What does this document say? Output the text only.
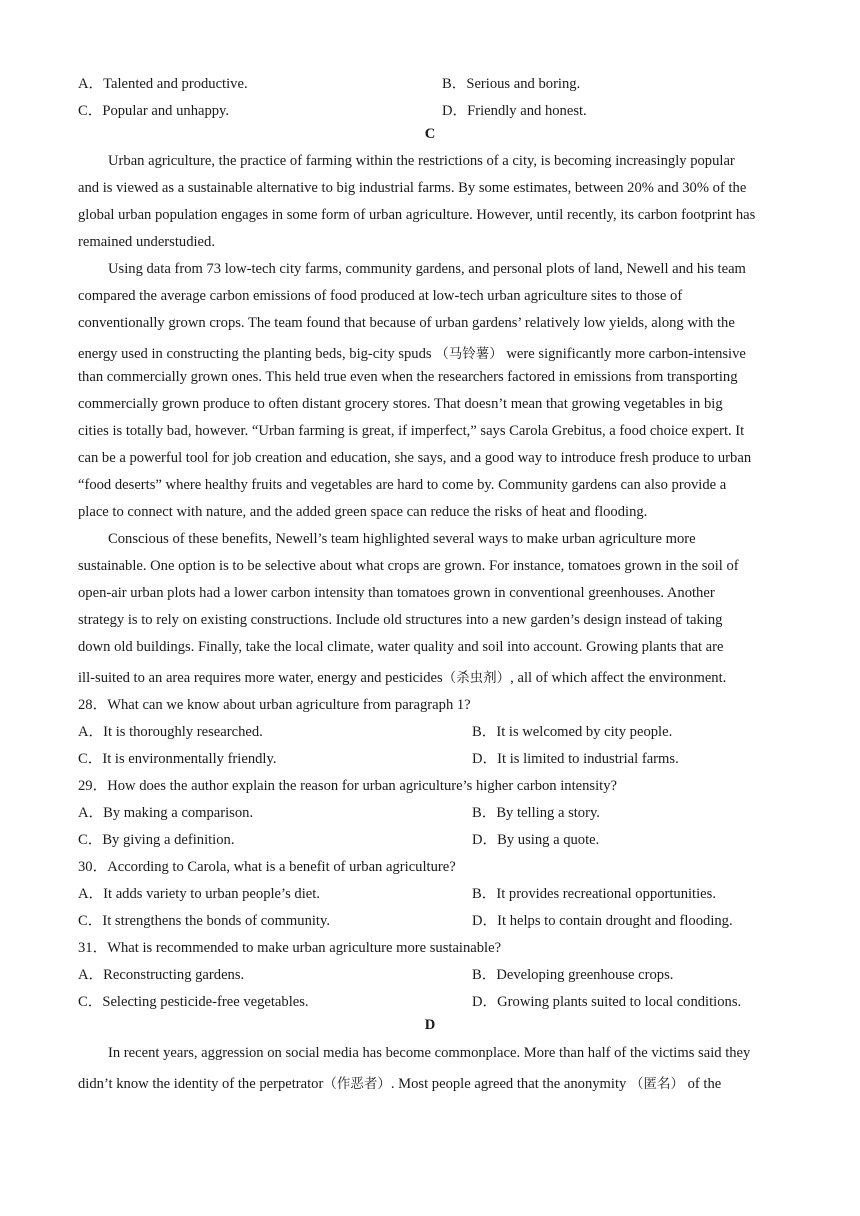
A．Talented and productive.	B．Serious and boring.
C．Popular and unhappy.	D．Friendly and honest.
C
Urban agriculture, the practice of farming within the restrictions of a city, is becoming increasingly popular
and is viewed as a sustainable alternative to big industrial farms. By some estimates, between 20% and 30% of the
global urban population engages in some form of urban agriculture. However, until recently, its carbon footprint has
remained understudied.
Using data from 73 low-tech city farms, community gardens, and personal plots of land, Newell and his team
compared the average carbon emissions of food produced at low-tech urban agriculture sites to those of
conventionally grown crops. The team found that because of urban gardens’ relatively low yields, along with the
energy used in constructing the planting beds, big-city spuds （马铃薯） were significantly more carbon-intensive
than commercially grown ones. This held true even when the researchers factored in emissions from transporting
commercially grown produce to often distant grocery stores. That doesn’t mean that growing vegetables in big
cities is totally bad, however. “Urban farming is great, if imperfect,” says Carola Grebitus, a food choice expert. It
can be a powerful tool for job creation and education, she says, and a good way to introduce fresh produce to urban
“food deserts” where healthy fruits and vegetables are hard to come by. Community gardens can also provide a
place to connect with nature, and the added green space can reduce the risks of heat and flooding.
Conscious of these benefits, Newell’s team highlighted several ways to make urban agriculture more
sustainable. One option is to be selective about what crops are grown. For instance, tomatoes grown in the soil of
open-air urban plots had a lower carbon intensity than tomatoes grown in conventional greenhouses. Another
strategy is to rely on existing constructions. Include old structures into a new garden’s design instead of taking
down old buildings. Finally, take the local climate, water quality and soil into account. Growing plants that are
ill-suited to an area requires more water, energy and pesticides（杀虫剂）, all of which affect the environment.
28．What can we know about urban agriculture from paragraph 1?
A．It is thoroughly researched.	B．It is welcomed by city people.
C．It is environmentally friendly.	D．It is limited to industrial farms.
29．How does the author explain the reason for urban agriculture’s higher carbon intensity?
A．By making a comparison.	B．By telling a story.
C．By giving a definition.	D．By using a quote.
30．According to Carola, what is a benefit of urban agriculture?
A．It adds variety to urban people’s diet.	B．It provides recreational opportunities.
C．It strengthens the bonds of community.	D．It helps to contain drought and flooding.
31．What is recommended to make urban agriculture more sustainable?
A．Reconstructing gardens.	B．Developing greenhouse crops.
C．Selecting pesticide-free vegetables.	D．Growing plants suited to local conditions.
D
In recent years, aggression on social media has become commonplace. More than half of the victims said they
didn’t know the identity of the perpetrator（作恶者）. Most people agreed that the anonymity （匿名） of the
